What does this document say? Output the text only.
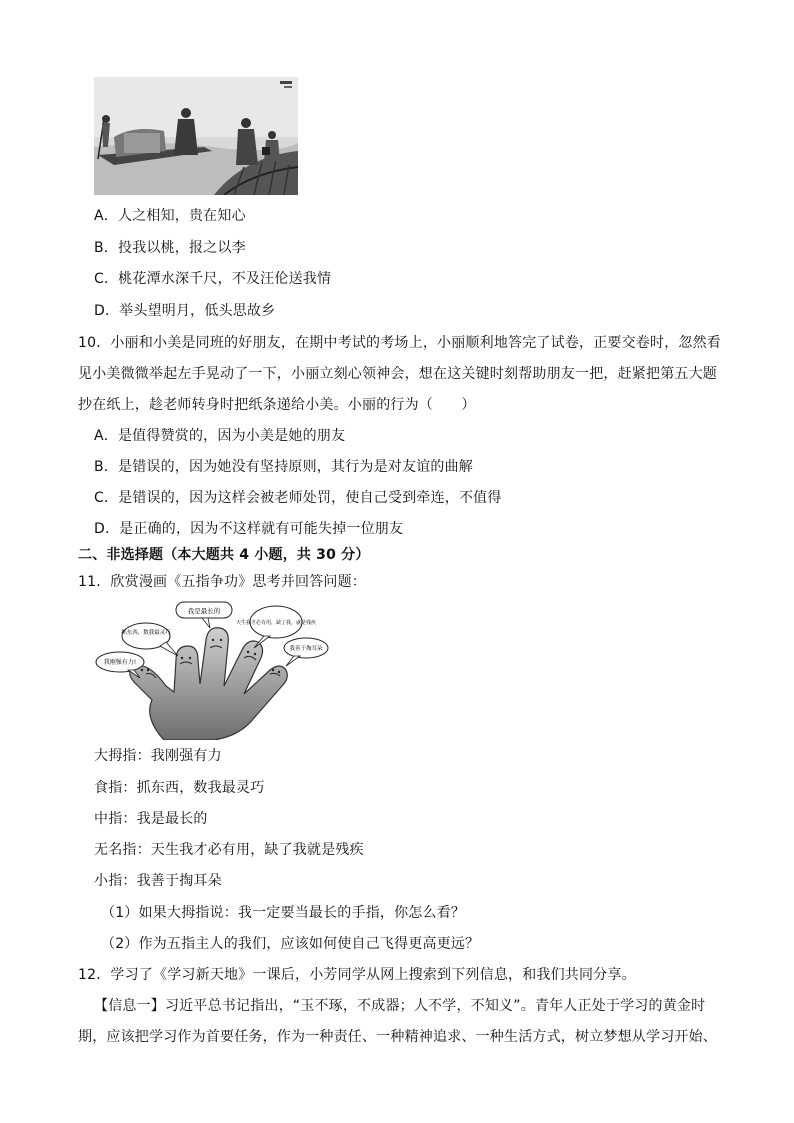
A．人之相知，贵在知心
B．投我以桃，报之以李
C．桃花潭水深千尺，不及汪伦送我情
D．举头望明月，低头思故乡
10．小丽和小美是同班的好朋友，在期中考试的考场上，小丽顺利地答完了试卷，正要交卷时，忽然看
见小美微微举起左手晃动了一下，小丽立刻心领神会，想在这关键时刻帮助朋友一把，赶紧把第五大题
抄在纸上，趁老师转身时把纸条递给小美。小丽的行为（　　）
A．是值得赞赏的，因为小美是她的朋友
B．是错误的，因为她没有坚持原则，其行为是对友谊的曲解
C．是错误的，因为这样会被老师处罚，使自己受到牵连，不值得
D．是正确的，因为不这样就有可能失掉一位朋友
二、非选择题（本大题共 4 小题，共 30 分）
11．欣赏漫画《五指争功》思考并回答问题：
我是最长的
抓东西，数我最灵巧
天生我才必有用，缺了我，就是残疾
我善于掏耳朵
我刚强有力!
大拇指：我刚强有力
食指：抓东西，数我最灵巧
中指：我是最长的
无名指：天生我才必有用，缺了我就是残疾
小指：我善于掏耳朵
（1）如果大拇指说：我一定要当最长的手指，你怎么看？
（2）作为五指主人的我们，应该如何使自己飞得更高更远？
12．学习了《学习新天地》一课后，小芳同学从网上搜索到下列信息，和我们共同分享。
【信息一】习近平总书记指出，“玉不琢，不成器；人不学，不知义”。青年人正处于学习的黄金时
期，应该把学习作为首要任务，作为一种责任、一种精神追求、一种生活方式，树立梦想从学习开始、
